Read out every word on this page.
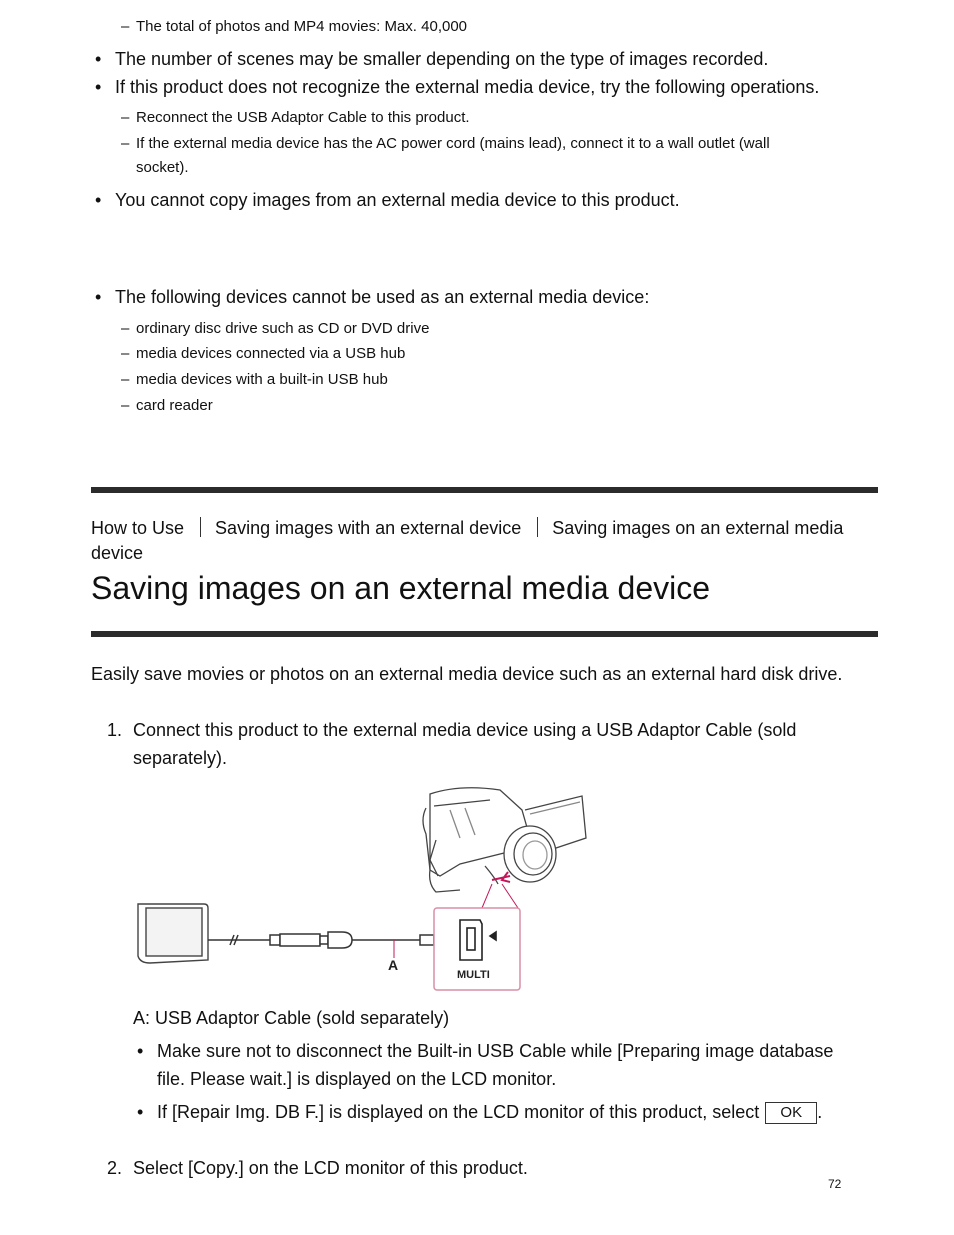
– The total of photos and MP4 movies: Max. 40,000
• The number of scenes may be smaller depending on the type of images recorded.
• If this product does not recognize the external media device, try the following operations.
– Reconnect the USB Adaptor Cable to this product.
– If the external media device has the AC power cord (mains lead), connect it to a wall outlet (wall
socket).
• You cannot copy images from an external media device to this product.
• The following devices cannot be used as an external media device:
– ordinary disc drive such as CD or DVD drive
– media devices connected via a USB hub
– media devices with a built-in USB hub
– card reader
How to Use Saving images with an external device Saving images on an external media
device
Saving images on an external media device
Easily save movies or photos on an external media device such as an external hard disk drive.
1. Connect this product to the external media device using a USB Adaptor Cable (sold
separately).
A
MULTI
A: USB Adaptor Cable (sold separately)
• Make sure not to disconnect the Built-in USB Cable while [Preparing image database
file. Please wait.] is displayed on the LCD monitor.
• If [Repair Img. DB F.] is displayed on the LCD monitor of this product, select OK .
2. Select [Copy.] on the LCD monitor of this product.
72
